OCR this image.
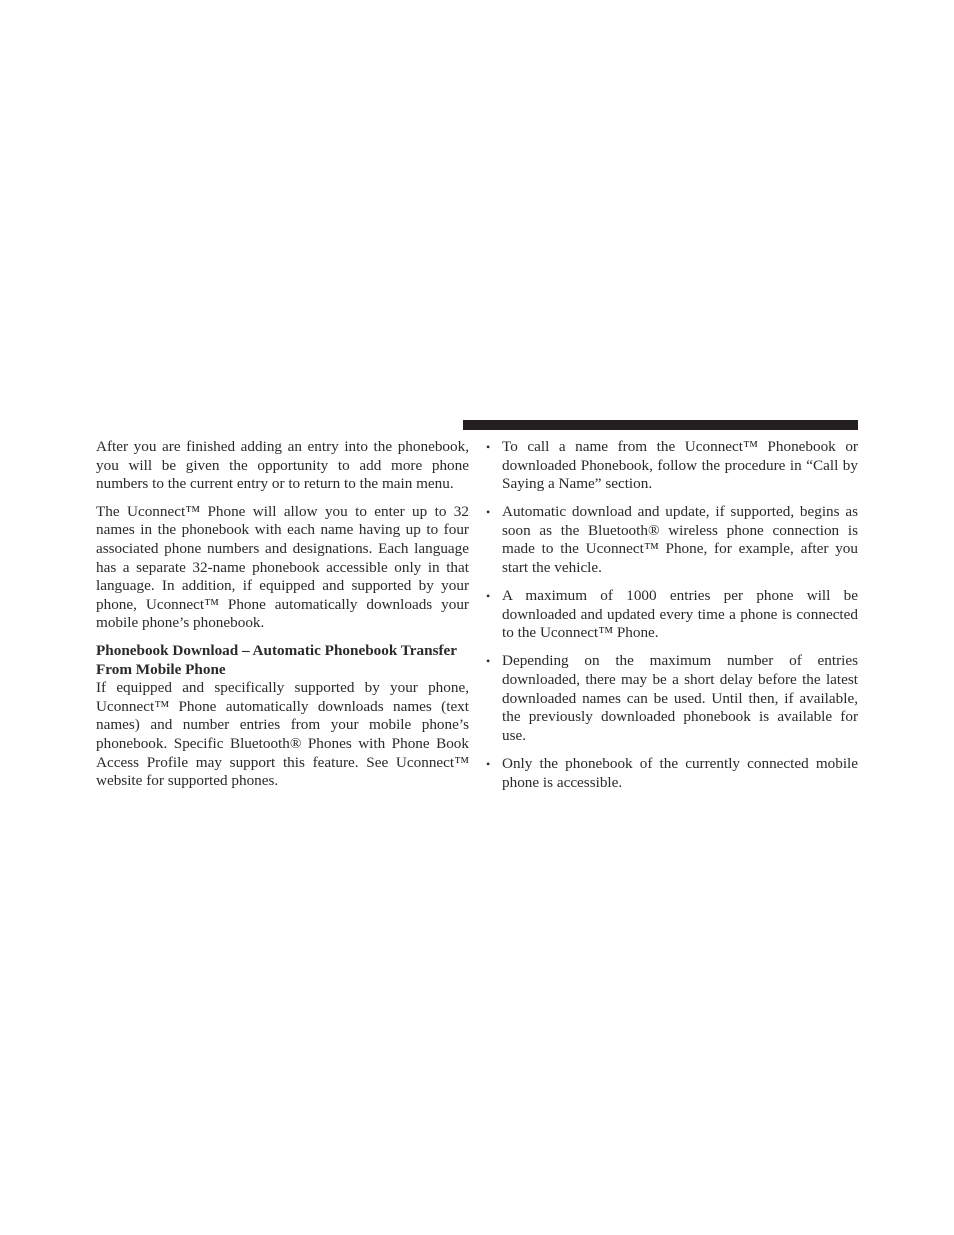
After you are finished adding an entry into the phonebook, you will be given the opportunity to add more phone numbers to the current entry or to return to the main menu.

The Uconnect™ Phone will allow you to enter up to 32 names in the phonebook with each name having up to four associated phone numbers and designations. Each language has a separate 32-name phonebook accessible only in that language. In addition, if equipped and supported by your phone, Uconnect™ Phone automatically downloads your mobile phone’s phonebook.

Phonebook Download – Automatic Phonebook Transfer From Mobile Phone

If equipped and specifically supported by your phone, Uconnect™ Phone automatically downloads names (text names) and number entries from your mobile phone’s phonebook. Specific Bluetooth® Phones with Phone Book Access Profile may support this feature. See Uconnect™ website for supported phones.

• To call a name from the Uconnect™ Phonebook or downloaded Phonebook, follow the procedure in “Call by Saying a Name” section.
• Automatic download and update, if supported, begins as soon as the Bluetooth® wireless phone connection is made to the Uconnect™ Phone, for example, after you start the vehicle.
• A maximum of 1000 entries per phone will be downloaded and updated every time a phone is connected to the Uconnect™ Phone.
• Depending on the maximum number of entries downloaded, there may be a short delay before the latest downloaded names can be used. Until then, if available, the previously downloaded phonebook is available for use.
• Only the phonebook of the currently connected mobile phone is accessible.
